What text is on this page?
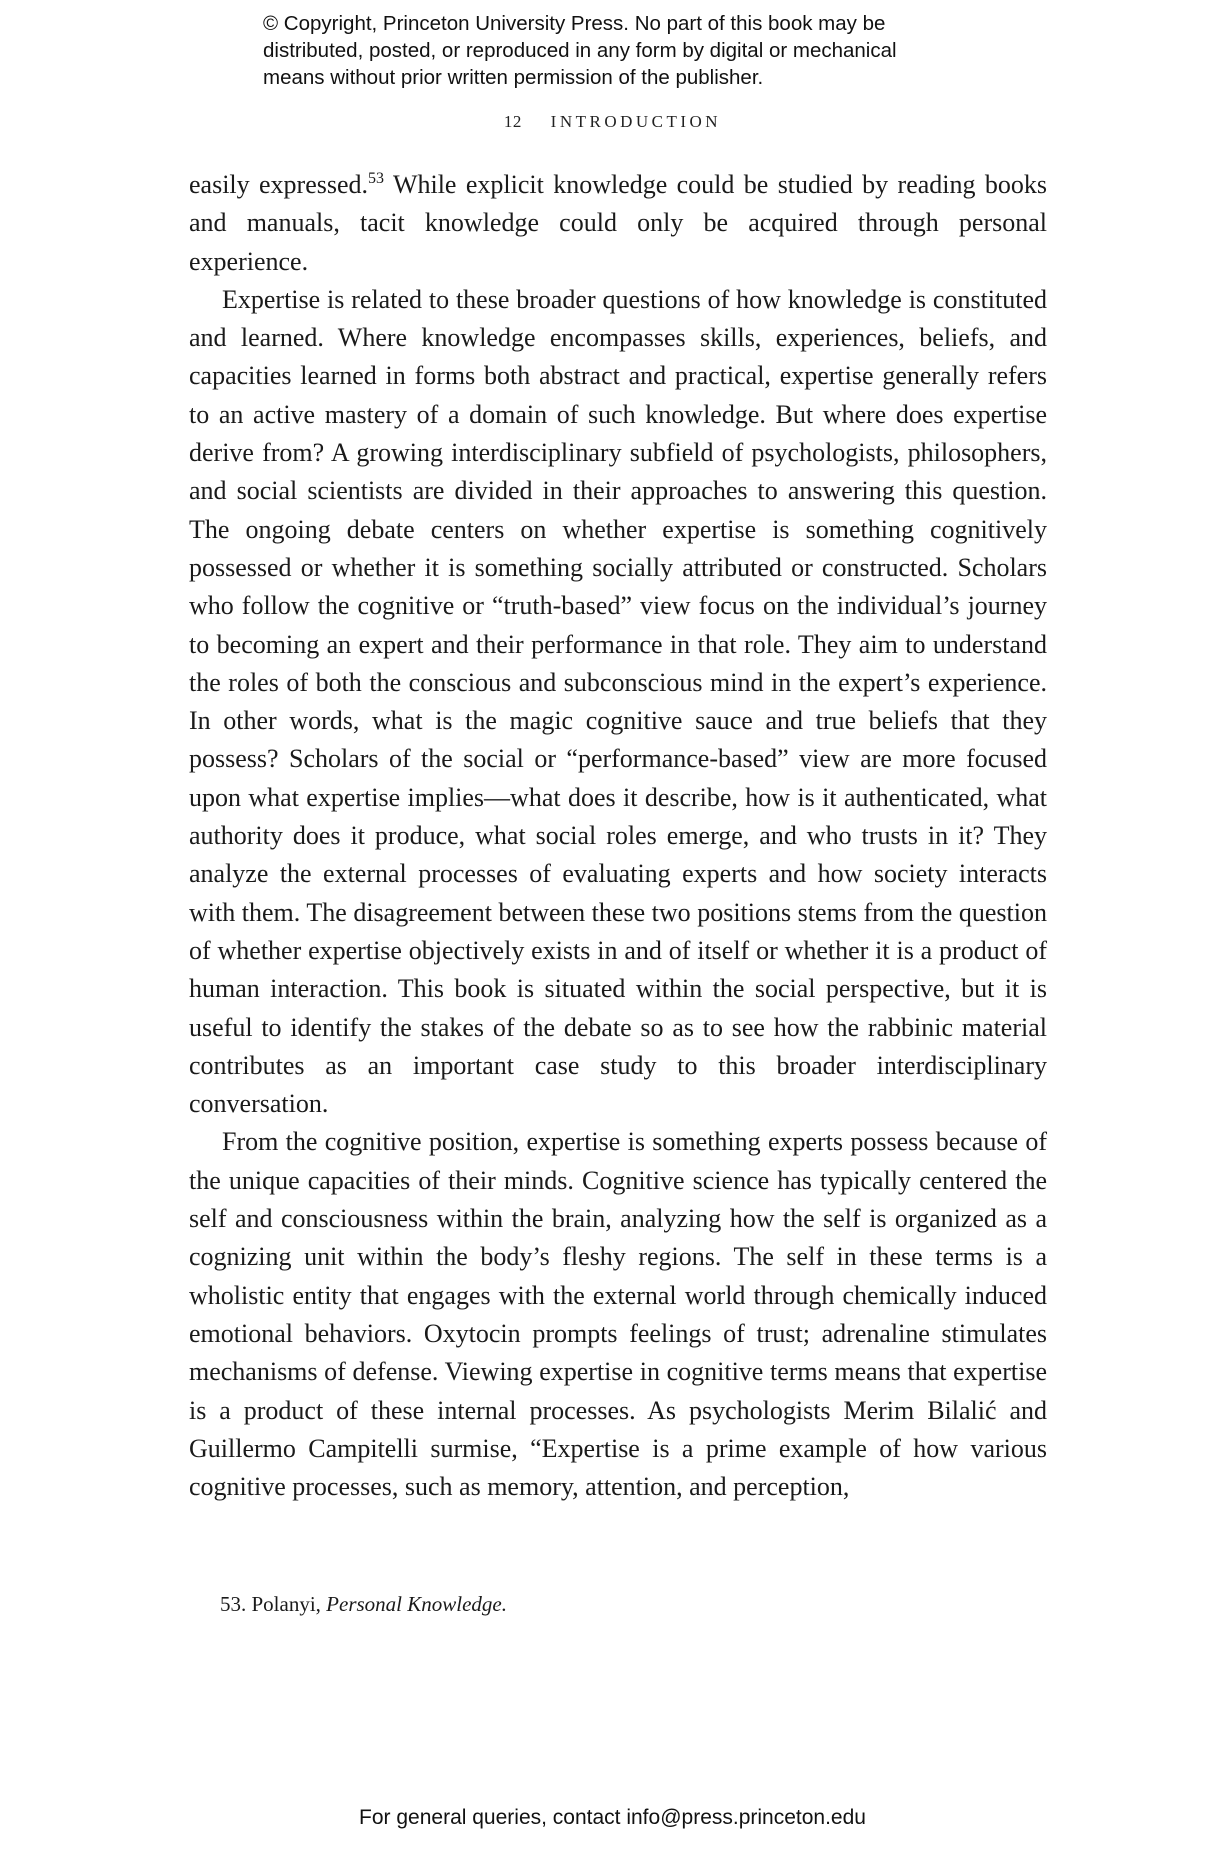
© Copyright, Princeton University Press. No part of this book may be
distributed, posted, or reproduced in any form by digital or mechanical
means without prior written permission of the publisher.
12 INTRODUCTION

easily expressed.$^{53}$ While explicit knowledge could be studied by reading books and manuals, tacit knowledge could only be acquired through personal experience.

Expertise is related to these broader questions of how knowledge is constituted and learned. Where knowledge encompasses skills, experiences, beliefs, and capacities learned in forms both abstract and practical, expertise generally refers to an active mastery of a domain of such knowledge. But where does expertise derive from? A growing interdisciplinary subfield of psychologists, philosophers, and social scientists are divided in their approaches to answering this question. The ongoing debate centers on whether expertise is something cognitively possessed or whether it is something socially attributed or constructed. Scholars who follow the cognitive or “truth-based” view focus on the individual’s journey to becoming an expert and their performance in that role. They aim to understand the roles of both the conscious and subconscious mind in the expert’s experience. In other words, what is the magic cognitive sauce and true beliefs that they possess? Scholars of the social or “performance-based” view are more focused upon what expertise implies—what does it describe, how is it authenticated, what authority does it produce, what social roles emerge, and who trusts in it? They analyze the external processes of evaluating experts and how society interacts with them. The disagreement between these two positions stems from the question of whether expertise objectively exists in and of itself or whether it is a product of human interaction. This book is situated within the social perspective, but it is useful to identify the stakes of the debate so as to see how the rabbinic material contributes as an important case study to this broader interdisciplinary conversation.

From the cognitive position, expertise is something experts possess because of the unique capacities of their minds. Cognitive science has typically centered the self and consciousness within the brain, analyzing how the self is organized as a cognizing unit within the body’s fleshy regions. The self in these terms is a wholistic entity that engages with the external world through chemically induced emotional behaviors. Oxytocin prompts feelings of trust; adrenaline stimulates mechanisms of defense. Viewing expertise in cognitive terms means that expertise is a product of these internal processes. As psychologists Merim Bilalić and Guillermo Campitelli surmise, “Expertise is a prime example of how various cognitive processes, such as memory, attention, and perception,

53. Polanyi, Personal Knowledge.
For general queries, contact info@press.princeton.edu
